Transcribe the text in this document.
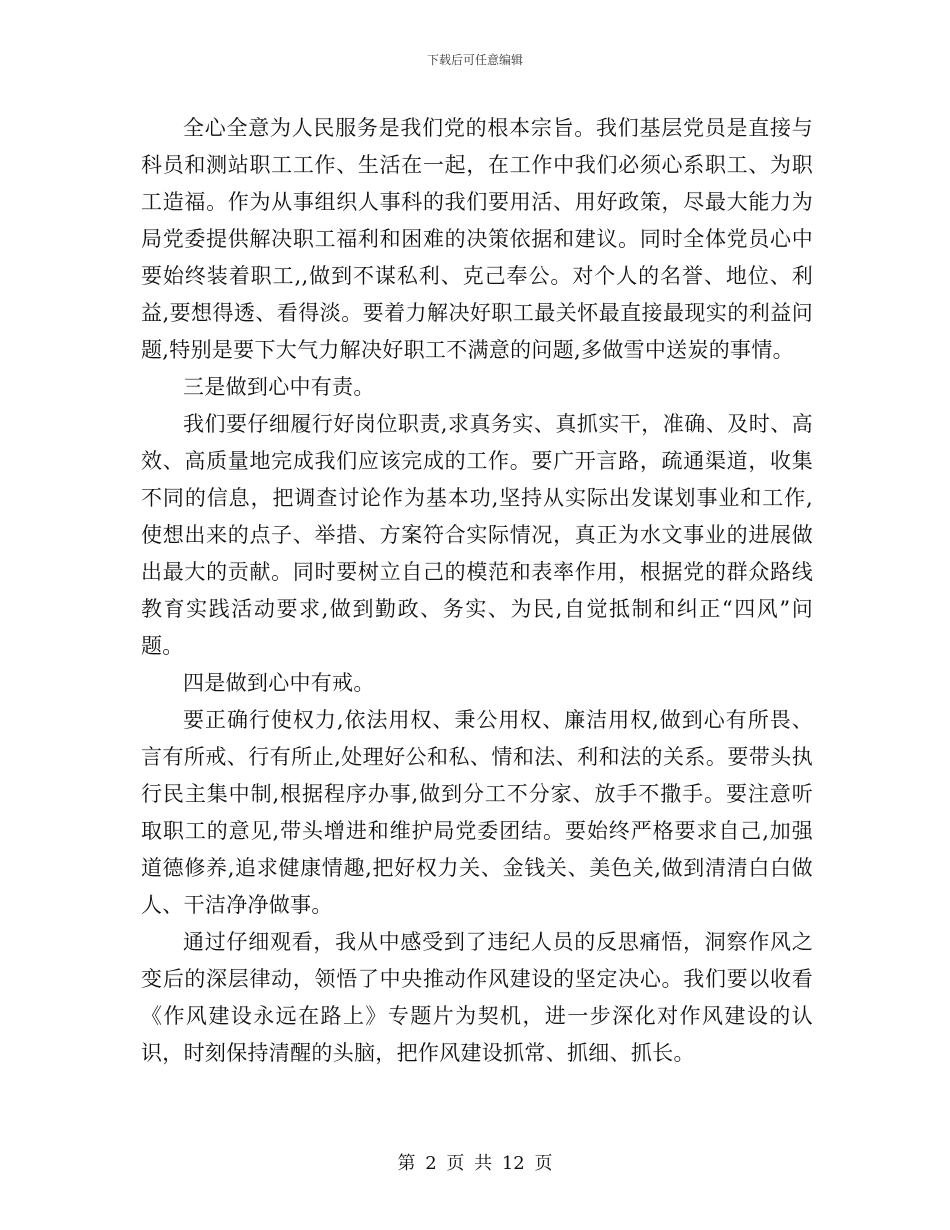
下载后可任意编辑

全心全意为人民服务是我们党的根本宗旨。我们基层党员是直接与科员和测站职工工作、生活在一起，在工作中我们必须心系职工、为职工造福。作为从事组织人事科的我们要用活、用好政策，尽最大能力为局党委提供解决职工福利和困难的决策依据和建议。同时全体党员心中要始终装着职工,,做到不谋私利、克己奉公。对个人的名誉、地位、利益,要想得透、看得淡。要着力解决好职工最关怀最直接最现实的利益问题,特别是要下大气力解决好职工不满意的问题,多做雪中送炭的事情。

三是做到心中有责。

我们要仔细履行好岗位职责,求真务实、真抓实干，准确、及时、高效、高质量地完成我们应该完成的工作。要广开言路，疏通渠道，收集不同的信息，把调查讨论作为基本功,坚持从实际出发谋划事业和工作,使想出来的点子、举措、方案符合实际情况，真正为水文事业的进展做出最大的贡献。同时要树立自己的模范和表率作用，根据党的群众路线教育实践活动要求,做到勤政、务实、为民,自觉抵制和纠正“四风”问题。

四是做到心中有戒。

要正确行使权力,依法用权、秉公用权、廉洁用权,做到心有所畏、言有所戒、行有所止,处理好公和私、情和法、利和法的关系。要带头执行民主集中制,根据程序办事,做到分工不分家、放手不撒手。要注意听取职工的意见,带头增进和维护局党委团结。要始终严格要求自己,加强道德修养,追求健康情趣,把好权力关、金钱关、美色关,做到清清白白做人、干洁净净做事。

通过仔细观看，我从中感受到了违纪人员的反思痛悟，洞察作风之变后的深层律动，领悟了中央推动作风建设的坚定决心。我们要以收看《作风建设永远在路上》专题片为契机，进一步深化对作风建设的认识，时刻保持清醒的头脑，把作风建设抓常、抓细、抓长。

第 2 页 共 12 页
